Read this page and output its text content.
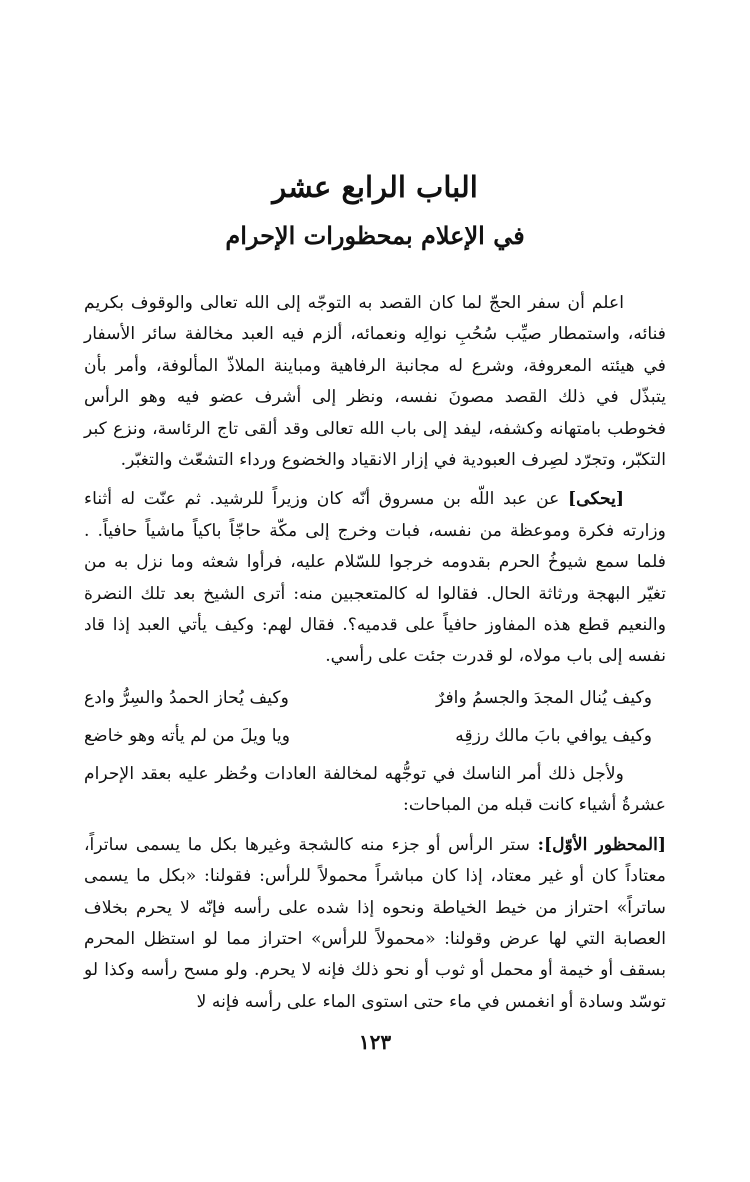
الباب الرابع عشر
في الإعلام بمحظورات الإحرام

اعلم أن سفر الحجّ لما كان القصد به التوجّه إلى الله تعالى والوقوف بكريم فنائه، واستمطار صيِّب سُحُبِ نوالِه ونعمائه، ألزم فيه العبد مخالفة سائر الأسفار في هيئته المعروفة، وشرع له مجانبة الرفاهية ومباينة الملاذّ المألوفة، وأمر بأن يتبذّل في ذلك القصد مصونَ نفسه، ونظر إلى أشرف عضو فيه وهو الرأس فخوطب بامتهانه وكشفه، ليفد إلى باب الله تعالى وقد ألقى تاج الرئاسة، ونزع كبر التكبّر، وتجرّد لصِرف العبودية في إزار الانقياد والخضوع ورداء التشعّث والتغبّر.

[يحكى] عن عبد اللّه بن مسروق أنّه كان وزيراً للرشيد. ثم عنّت له أثناء وزارته فكرة وموعظة من نفسه، فبات وخرج إلى مكّة حاجّاً باكياً ماشياً حافياً. . فلما سمع شيوخُ الحرم بقدومه خرجوا للسّلام عليه، فرأوا شعثه وما نزل به من تغيّر البهجة ورثاثة الحال. فقالوا له كالمتعجبين منه: أترى الشيخ بعد تلك النضرة والنعيم قطع هذه المفاوز حافياً على قدميه؟. فقال لهم: وكيف يأتي العبد إذا قاد نفسه إلى باب مولاه، لو قدرت جئت على رأسي.

وكيف يُنال المجدَ والجسمُ وافرٌ
وكيف يُحاز الحمدُ والسِرُّ وادع
وكيف يوافي بابَ مالك رزقِه
ويا ويلَ من لم يأته وهو خاضع

ولأجل ذلك أمر الناسك في توجُّهه لمخالفة العادات وحُظر عليه بعقد الإحرام عشرةُ أشياء كانت قبله من المباحات:

[المحظور الأوّل]: ستر الرأس أو جزء منه كالشجة وغيرها بكل ما يسمى ساتراً، معتاداً كان أو غير معتاد، إذا كان مباشراً محمولاً للرأس: فقولنا: «بكل ما يسمى ساتراً» احتراز من خيط الخياطة ونحوه إذا شده على رأسه فإنّه لا يحرم بخلاف العصابة التي لها عرض وقولنا: «محمولاً للرأس» احتراز مما لو استظل المحرم بسقف أو خيمة أو محمل أو ثوب أو نحو ذلك فإنه لا يحرم. ولو مسح رأسه وكذا لو توسّد وسادة أو انغمس في ماء حتى استوى الماء على رأسه فإنه لا

١٢٣
